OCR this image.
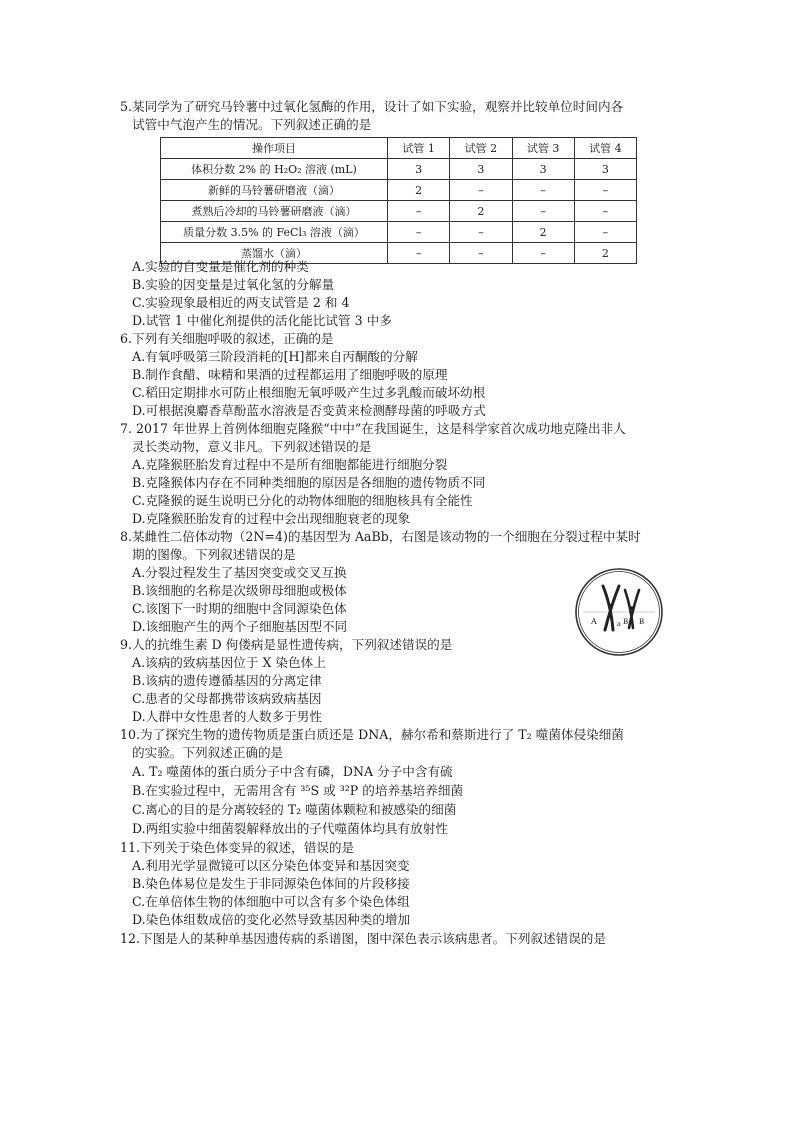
5.某同学为了研究马铃薯中过氧化氢酶的作用，设计了如下实验，观察并比较单位时间内各
试管中气泡产生的情况。下列叙述正确的是
操作项目	试管 1	试管 2	试管 3	试管 4
体积分数 2% 的 H₂O₂ 溶液 (mL)	3	3	3	3
新鲜的马铃薯研磨液（滴）	2	–	–	–
煮熟后冷却的马铃薯研磨液（滴）	–	2	–	–
质量分数 3.5% 的 FeCl₃ 溶液（滴）	–	–	2	–
蒸馏水（滴）	–	–	–	2
A.实验的自变量是催化剂的种类
B.实验的因变量是过氧化氢的分解量
C.实验现象最相近的两支试管是 2 和 4
D.试管 1 中催化剂提供的活化能比试管 3 中多
6.下列有关细胞呼吸的叙述，正确的是
A.有氧呼吸第三阶段消耗的[H]都来自丙酮酸的分解
B.制作食醋、味精和果酒的过程都运用了细胞呼吸的原理
C.稻田定期排水可防止根细胞无氧呼吸产生过多乳酸而破坏幼根
D.可根据溴麝香草酚蓝水溶液是否变黄来检测酵母菌的呼吸方式
7. 2017 年世界上首例体细胞克隆猴“中中”在我国诞生，这是科学家首次成功地克隆出非人
灵长类动物，意义非凡。下列叙述错误的是
A.克隆猴胚胎发育过程中不是所有细胞都能进行细胞分裂
B.克隆猴体内存在不同种类细胞的原因是各细胞的遗传物质不同
C.克隆猴的诞生说明已分化的动物体细胞的细胞核具有全能性
D.克隆猴胚胎发育的过程中会出现细胞衰老的现象
8.某雌性二倍体动物（2N=4)的基因型为 AaBb，右图是该动物的一个细胞在分裂过程中某时
期的图像。下列叙述错误的是
A.分裂过程发生了基因突变或交叉互换
B.该细胞的名称是次级卵母细胞或极体
C.该图下一时期的细胞中含同源染色体
D.该细胞产生的两个子细胞基因型不同	A	a B B
9.人的抗维生素 D 佝偻病是显性遗传病，下列叙述错误的是
A.该病的致病基因位于 X 染色体上
B.该病的遗传遵循基因的分离定律
C.患者的父母都携带该病致病基因
D.人群中女性患者的人数多于男性
10.为了探究生物的遗传物质是蛋白质还是 DNA，赫尔希和蔡斯进行了 T₂ 噬菌体侵染细菌
的实验。下列叙述正确的是
A. T₂ 噬菌体的蛋白质分子中含有磷，DNA 分子中含有硫
B.在实验过程中，无需用含有 ³⁵S 或 ³²P 的培养基培养细菌
C.离心的目的是分离较轻的 T₂ 噬菌体颗粒和被感染的细菌
D.两组实验中细菌裂解释放出的子代噬菌体均具有放射性
11.下列关于染色体变异的叙述，错误的是
A.利用光学显微镜可以区分染色体变异和基因突变
B.染色体易位是发生于非同源染色体间的片段移接
C.在单倍体生物的体细胞中可以含有多个染色体组
D.染色体组数成倍的变化必然导致基因种类的增加
12.下图是人的某种单基因遗传病的系谱图，图中深色表示该病患者。下列叙述错误的是
